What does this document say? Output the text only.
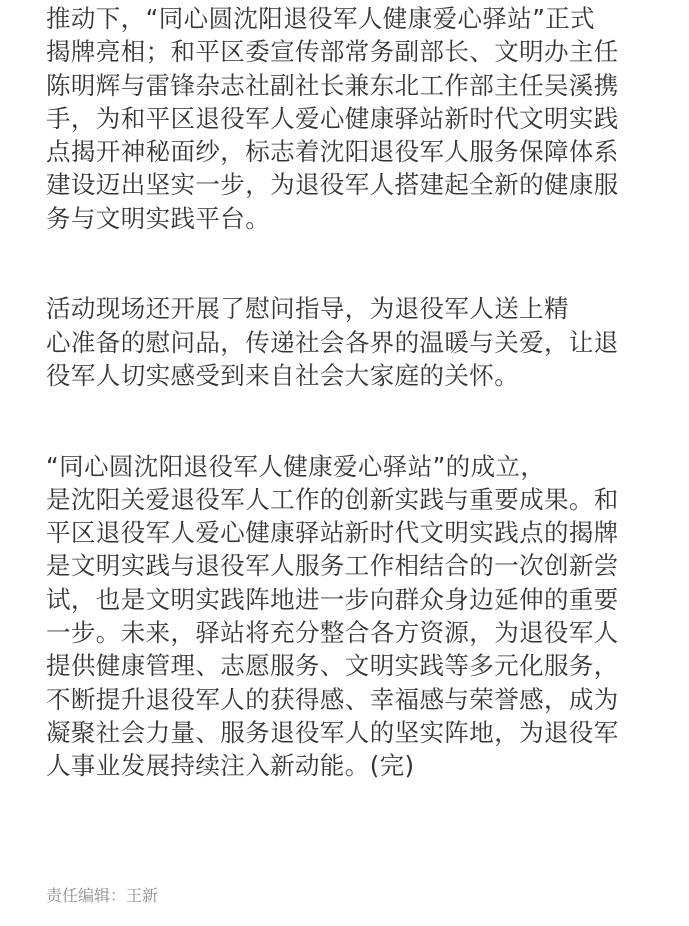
推动下，“同心圆沈阳退役军人健康爱心驿站”正式
揭牌亮相；和平区委宣传部常务副部长、文明办主任
陈明辉与雷锋杂志社副社长兼东北工作部主任吴溪携
手，为和平区退役军人爱心健康驿站新时代文明实践
点揭开神秘面纱，标志着沈阳退役军人服务保障体系
建设迈出坚实一步，为退役军人搭建起全新的健康服
务与文明实践平台。

活动现场还开展了慰问指导，为退役军人送上精
心准备的慰问品，传递社会各界的温暖与关爱，让退
役军人切实感受到来自社会大家庭的关怀。

“同心圆沈阳退役军人健康爱心驿站”的成立，
是沈阳关爱退役军人工作的创新实践与重要成果。和
平区退役军人爱心健康驿站新时代文明实践点的揭牌
是文明实践与退役军人服务工作相结合的一次创新尝
试，也是文明实践阵地进一步向群众身边延伸的重要
一步。未来，驿站将充分整合各方资源，为退役军人
提供健康管理、志愿服务、文明实践等多元化服务，
不断提升退役军人的获得感、幸福感与荣誉感，成为
凝聚社会力量、服务退役军人的坚实阵地，为退役军
人事业发展持续注入新动能。(完)

责任编辑：王新
